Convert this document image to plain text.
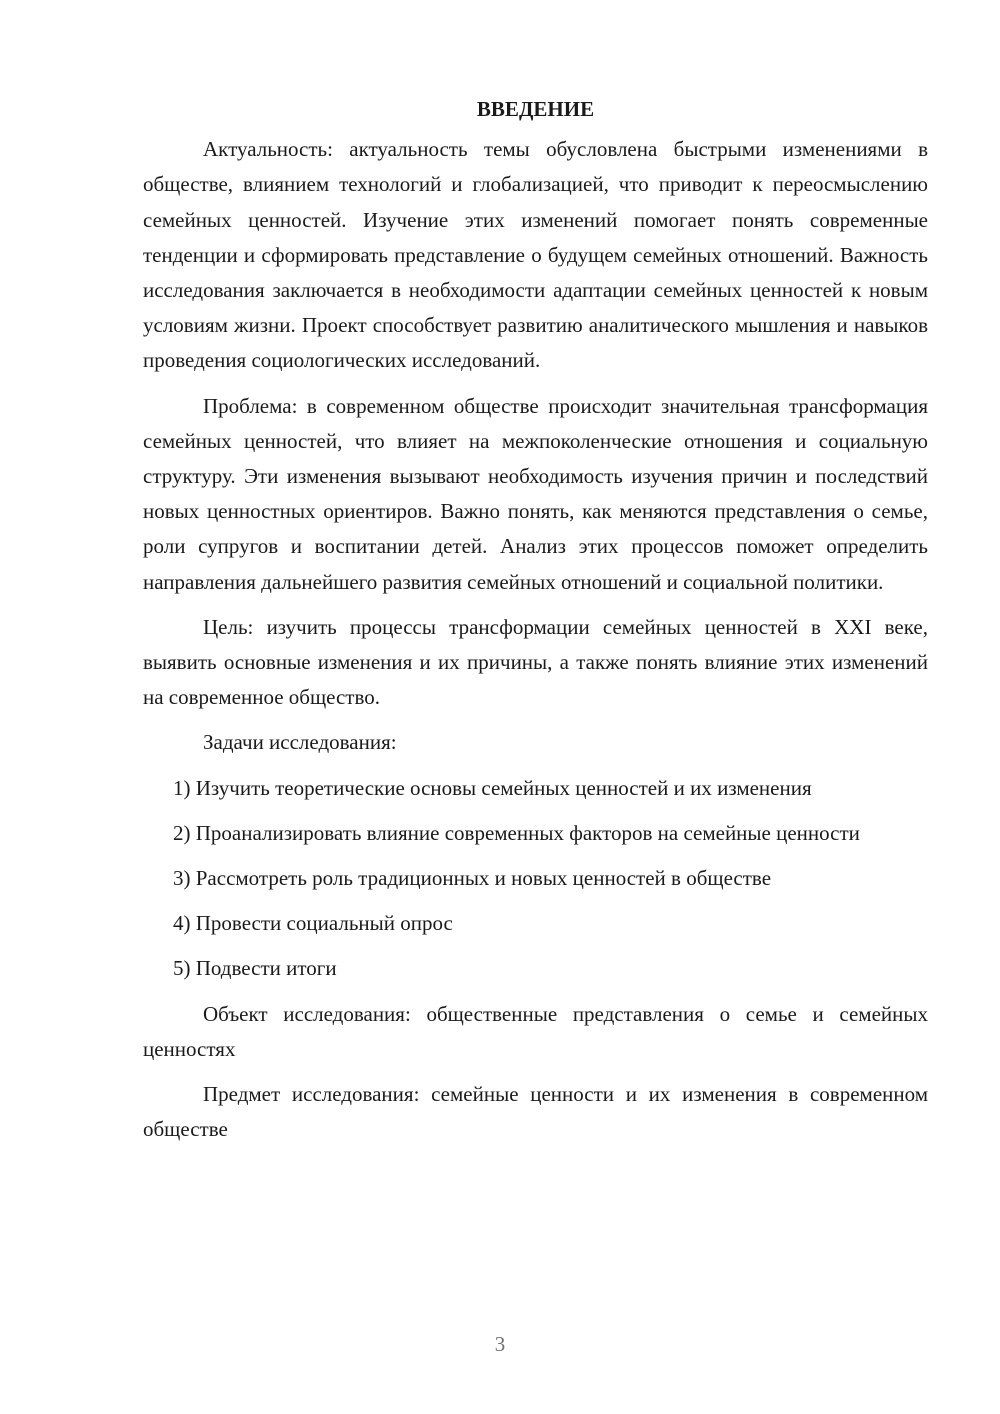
ВВЕДЕНИЕ

Актуальность: актуальность темы обусловлена быстрыми изменениями в обществе, влиянием технологий и глобализацией, что приводит к переосмыслению семейных ценностей. Изучение этих изменений помогает понять современные тенденции и сформировать представление о будущем семейных отношений. Важность исследования заключается в необходимости адаптации семейных ценностей к новым условиям жизни. Проект способствует развитию аналитического мышления и навыков проведения социологических исследований.

Проблема: в современном обществе происходит значительная трансформация семейных ценностей, что влияет на межпоколенческие отношения и социальную структуру. Эти изменения вызывают необходимость изучения причин и последствий новых ценностных ориентиров. Важно понять, как меняются представления о семье, роли супругов и воспитании детей. Анализ этих процессов поможет определить направления дальнейшего развития семейных отношений и социальной политики.

Цель: изучить процессы трансформации семейных ценностей в XXI веке, выявить основные изменения и их причины, а также понять влияние этих изменений на современное общество.

Задачи исследования:

1) Изучить теоретические основы семейных ценностей и их изменения

2) Проанализировать влияние современных факторов на семейные ценности

3) Рассмотреть роль традиционных и новых ценностей в обществе

4) Провести социальный опрос

5) Подвести итоги

Объект исследования: общественные представления о семье и семейных ценностях

Предмет исследования: семейные ценности и их изменения в современном обществе

3
